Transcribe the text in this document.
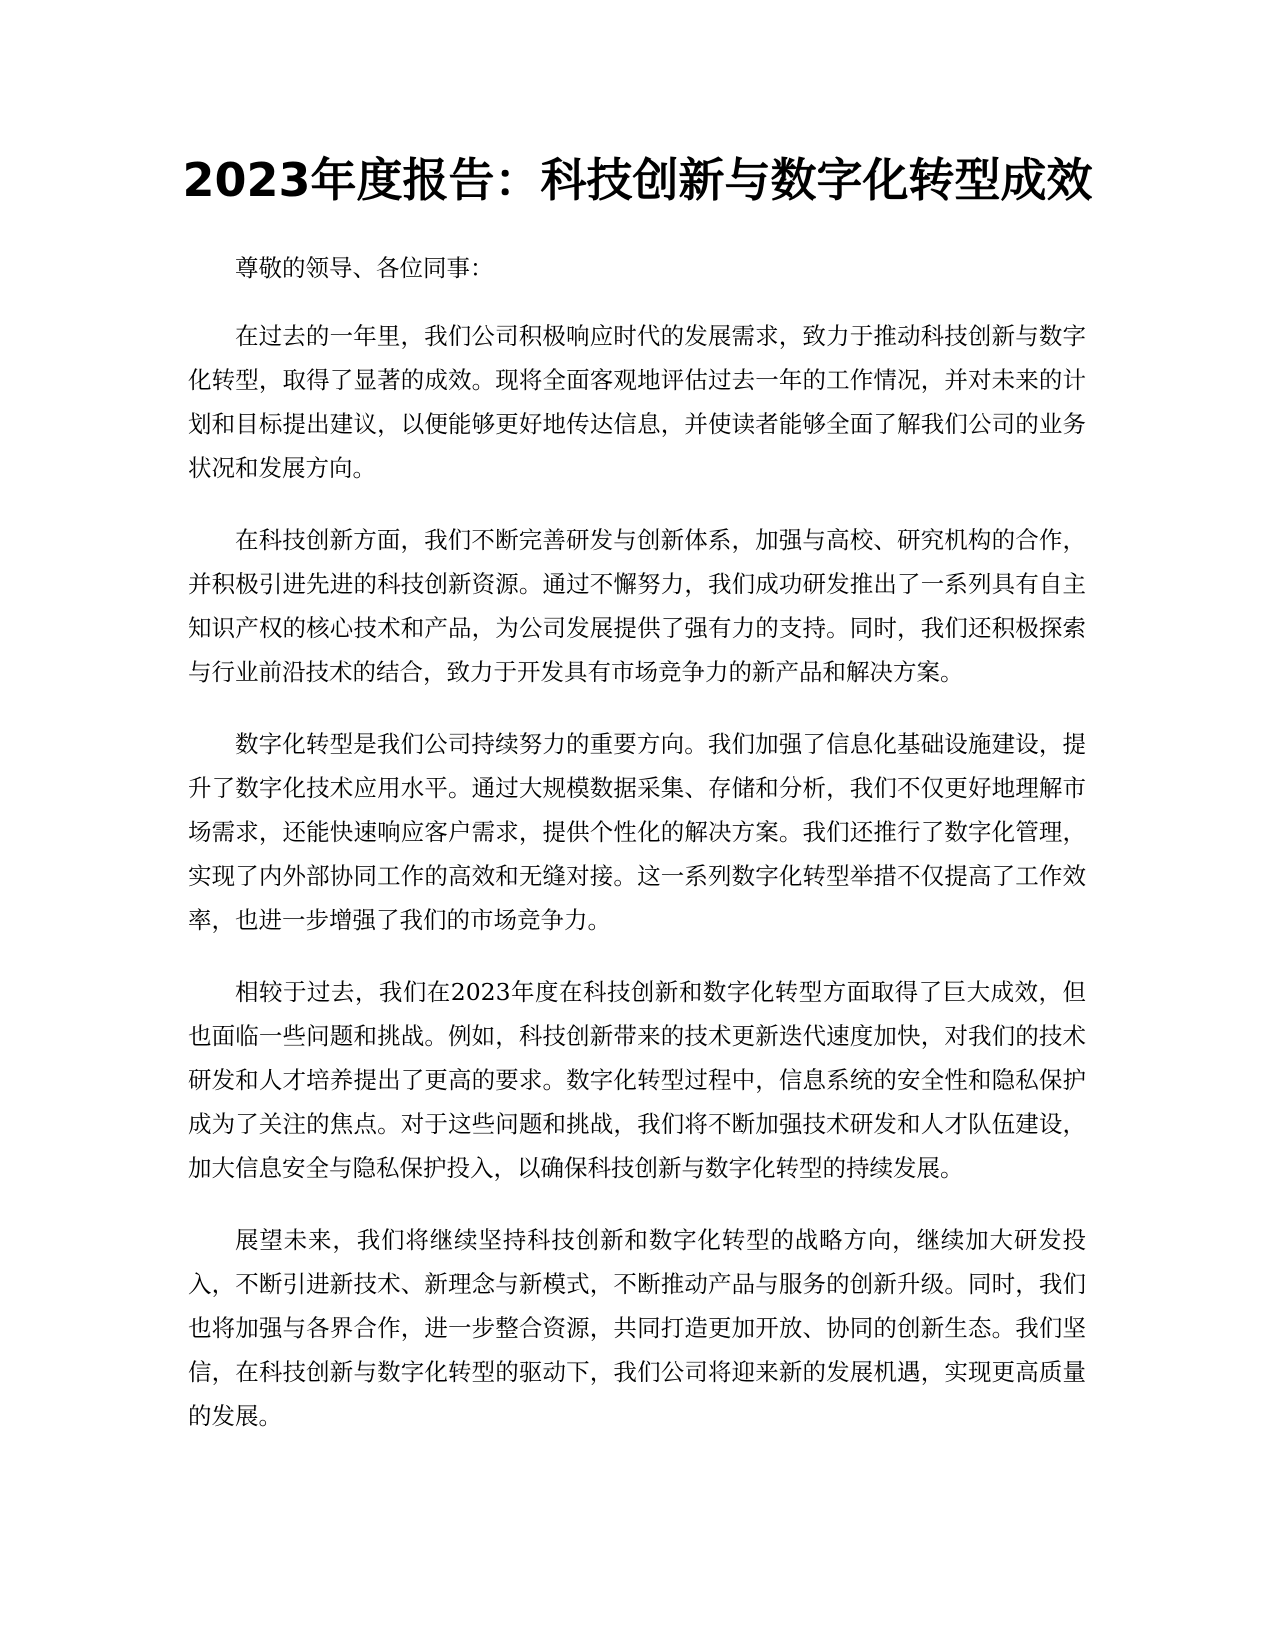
2023年度报告：科技创新与数字化转型成效

尊敬的领导、各位同事：

在过去的一年里，我们公司积极响应时代的发展需求，致力于推动科技创新与数字化转型，取得了显著的成效。现将全面客观地评估过去一年的工作情况，并对未来的计划和目标提出建议，以便能够更好地传达信息，并使读者能够全面了解我们公司的业务状况和发展方向。

在科技创新方面，我们不断完善研发与创新体系，加强与高校、研究机构的合作，并积极引进先进的科技创新资源。通过不懈努力，我们成功研发推出了一系列具有自主知识产权的核心技术和产品，为公司发展提供了强有力的支持。同时，我们还积极探索与行业前沿技术的结合，致力于开发具有市场竞争力的新产品和解决方案。

数字化转型是我们公司持续努力的重要方向。我们加强了信息化基础设施建设，提升了数字化技术应用水平。通过大规模数据采集、存储和分析，我们不仅更好地理解市场需求，还能快速响应客户需求，提供个性化的解决方案。我们还推行了数字化管理，实现了内外部协同工作的高效和无缝对接。这一系列数字化转型举措不仅提高了工作效率，也进一步增强了我们的市场竞争力。

相较于过去，我们在2023年度在科技创新和数字化转型方面取得了巨大成效，但也面临一些问题和挑战。例如，科技创新带来的技术更新迭代速度加快，对我们的技术研发和人才培养提出了更高的要求。数字化转型过程中，信息系统的安全性和隐私保护成为了关注的焦点。对于这些问题和挑战，我们将不断加强技术研发和人才队伍建设，加大信息安全与隐私保护投入，以确保科技创新与数字化转型的持续发展。

展望未来，我们将继续坚持科技创新和数字化转型的战略方向，继续加大研发投入，不断引进新技术、新理念与新模式，不断推动产品与服务的创新升级。同时，我们也将加强与各界合作，进一步整合资源，共同打造更加开放、协同的创新生态。我们坚信，在科技创新与数字化转型的驱动下，我们公司将迎来新的发展机遇，实现更高质量的发展。
